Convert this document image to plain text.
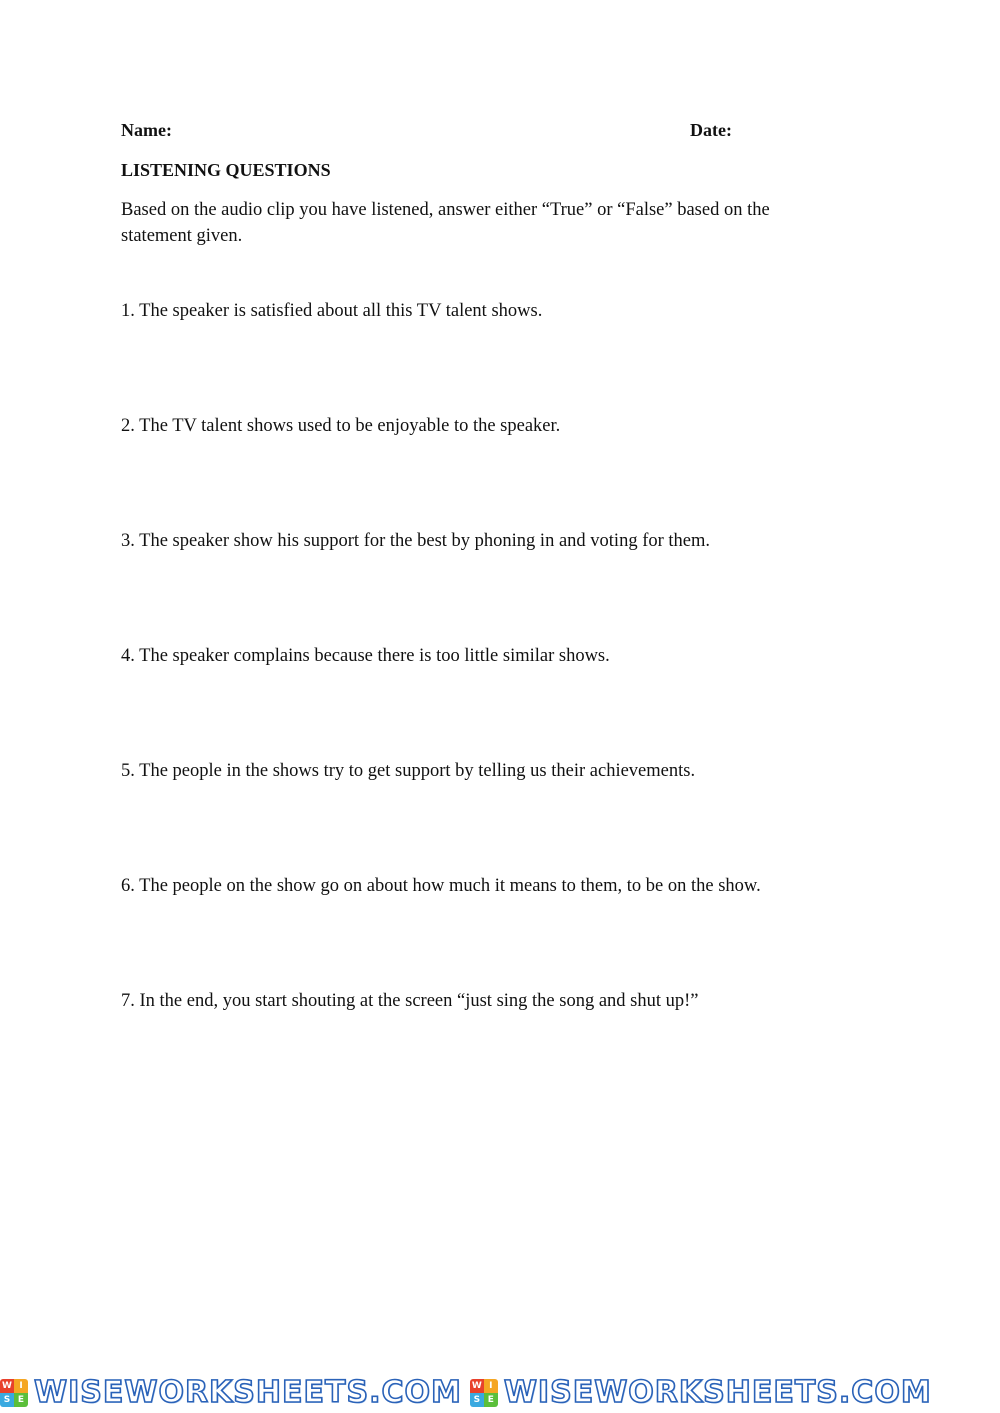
Name:	Date:
LISTENING QUESTIONS

Based on the audio clip you have listened, answer either “True” or “False” based on the statement given.

1. The speaker is satisfied about all this TV talent shows.

2. The TV talent shows used to be enjoyable to the speaker.

3. The speaker show his support for the best by phoning in and voting for them.

4. The speaker complains because there is too little similar shows.

5. The people in the shows try to get support by telling us their achievements.

6. The people on the show go on about how much it means to them, to be on the show.

7. In the end, you start shouting at the screen “just sing the song and shut up!”

W I
S E WISEWORKSHEETS.COM W I
S E WISEWORKSHEETS.COM
